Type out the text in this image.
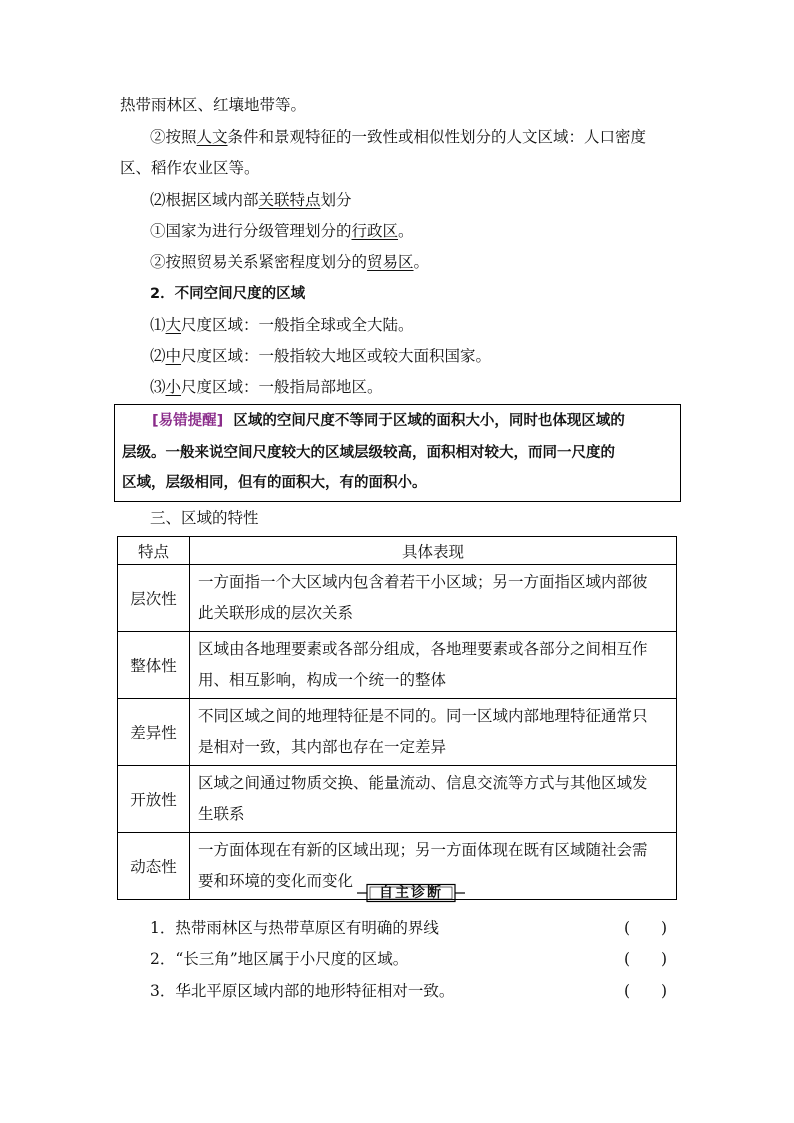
热带雨林区、红壤地带等。
②按照人文条件和景观特征的一致性或相似性划分的人文区域：人口密度
区、稻作农业区等。
⑵根据区域内部关联特点划分
①国家为进行分级管理划分的行政区。
②按照贸易关系紧密程度划分的贸易区。
2．不同空间尺度的区域
⑴大尺度区域：一般指全球或全大陆。
⑵中尺度区域：一般指较大地区或较大面积国家。
⑶小尺度区域：一般指局部地区。
[易错提醒] 区域的空间尺度不等同于区域的面积大小，同时也体现区域的
层级。一般来说空间尺度较大的区域层级较高，面积相对较大，而同一尺度的
区域，层级相同，但有的面积大，有的面积小。
三、区域的特性
特点	具体表现
层次性	一方面指一个大区域内包含着若干小区域；另一方面指区域内部彼
此关联形成的层次关系

整体性	区域由各地理要素或各部分组成，各地理要素或各部分之间相互作
用、相互影响，构成一个统一的整体

差异性	不同区域之间的地理特征是不同的。同一区域内部地理特征通常只
是相对一致，其内部也存在一定差异

开放性	区域之间通过物质交换、能量流动、信息交流等方式与其他区域发
生联系

动态性	一方面体现在有新的区域出现；另一方面体现在既有区域随社会需
要和环境的变化而变化
自主诊断
1．热带雨林区与热带草原区有明确的界线	(　　)
2．“长三角”地区属于小尺度的区域。	(　　)
3．华北平原区域内部的地形特征相对一致。	(　　)
